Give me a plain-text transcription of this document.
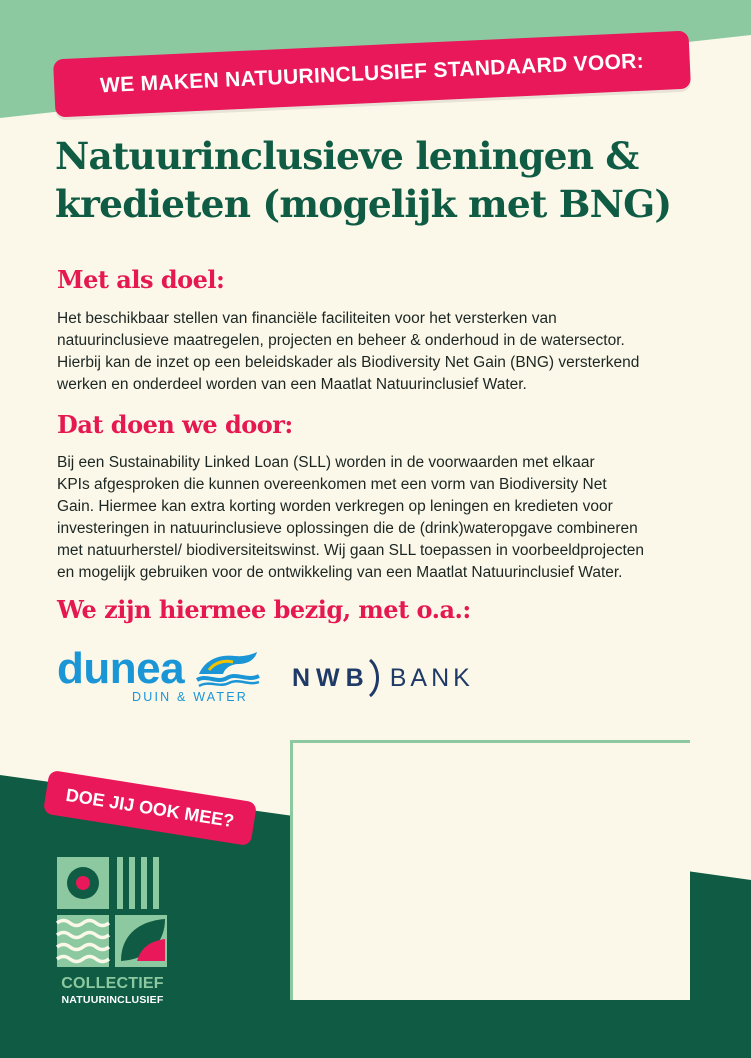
WE MAKEN NATUURINCLUSIEF STANDAARD VOOR:
Natuurinclusieve leningen &
kredieten (mogelijk met BNG)
Met als doel:
Het beschikbaar stellen van financiële faciliteiten voor het versterken van
natuurinclusieve maatregelen, projecten en beheer & onderhoud in de watersector.
Hierbij kan de inzet op een beleidskader als Biodiversity Net Gain (BNG) versterkend
werken en onderdeel worden van een Maatlat Natuurinclusief Water.
Dat doen we door:
Bij een Sustainability Linked Loan (SLL) worden in de voorwaarden met elkaar
KPIs afgesproken die kunnen overeenkomen met een vorm van Biodiversity Net
Gain. Hiermee kan extra korting worden verkregen op leningen en kredieten voor
investeringen in natuurinclusieve oplossingen die de (drink)wateropgave combineren
met natuurherstel/ biodiversiteitswinst. Wij gaan SLL toepassen in voorbeeldprojecten
en mogelijk gebruiken voor de ontwikkeling van een Maatlat Natuurinclusief Water.
We zijn hiermee bezig, met o.a.:
dunea
DUIN & WATER
NWB BANK
DOE JIJ OOK MEE?
COLLECTIEF
NATUURINCLUSIEF
